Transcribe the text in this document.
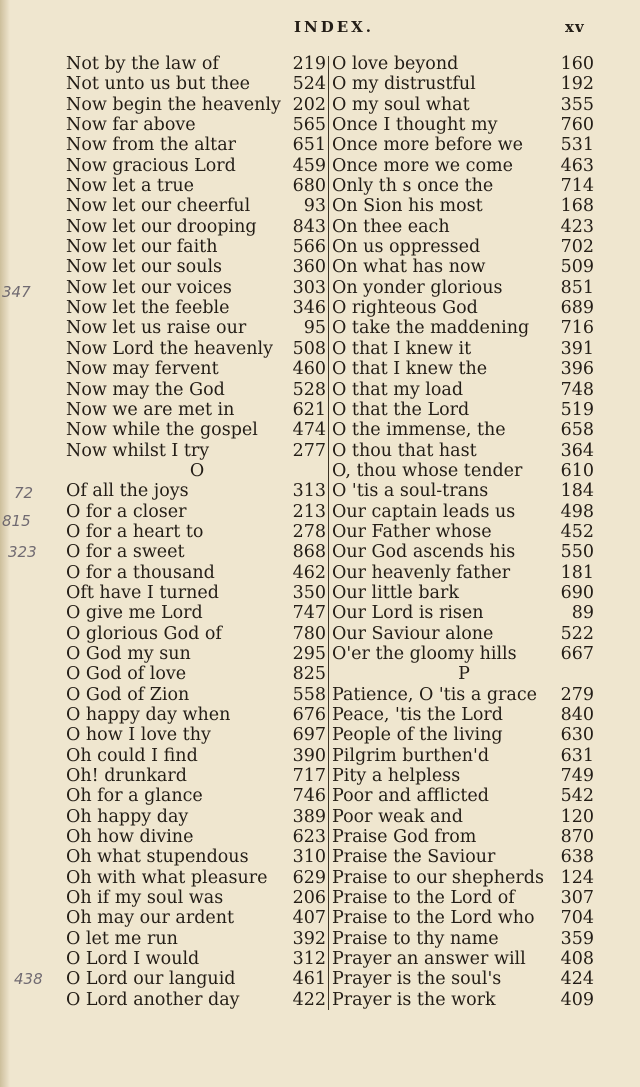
INDEX.	xv
Not by the law of	219
Not unto us but thee 524
Now begin the heavenly 202
Now far above	565
Now from the altar	651
Now gracious Lord	459
Now let a true	680
Now let our cheerful	93
Now let our drooping 843
Now let our faith	566
Now let our souls	360
Now let our voices	303
Now let the feeble	346
Now let us raise our	95
Now Lord the heavenly 508
Now may fervent	460
Now may the God	528
Now we are met in	621
Now while the gospel 474
Now whilst I try	277
O
Of all the joys	313
O for a closer	213
O for a heart to	278
O for a sweet	868
O for a thousand	462
Oft have I turned	350
O give me Lord	747
O glorious God of	780
O God my sun	295
O God of love	825
O God of Zion	558
O happy day when	676
O how I love thy	697
Oh could I find	390
Oh! drunkard	717
Oh for a glance	746
Oh happy day	389
Oh how divine	623
Oh what stupendous	310
Oh with what pleasure 629
Oh if my soul was	206
Oh may our ardent	407
O let me run	392
O Lord I would	312
O Lord our languid	461
O Lord another day	422
O love beyond	160
O my distrustful	192
O my soul what	355
Once I thought my	760
Once more before we 531
Once more we come	463
Only th s once the	714
On Sion his most	168
On thee each	423
On us oppressed	702
On what has now	509
On yonder glorious	851
O righteous God	689
O take the maddening 716
O that I knew it	391
O that I knew the	396
O that my load	748
O that the Lord	519
O the immense, the	658
O thou that hast	364
O, thou whose tender 610
O 'tis a soul-trans	184
Our captain leads us	498
Our Father whose	452
Our God ascends his	550
Our heavenly father	181
Our little bark	690
Our Lord is risen	89
Our Saviour alone	522
O'er the gloomy hills	667
P
Patience, O 'tis a grace 279
Peace, 'tis the Lord	840
People of the living	630
Pilgrim burthen'd	631
Pity a helpless	749
Poor and afflicted	542
Poor weak and	120
Praise God from	870
Praise the Saviour	638
Praise to our shepherds 124
Praise to the Lord of	307
Praise to the Lord who 704
Praise to thy name	359
Prayer an answer will 408
Prayer is the soul's	424
Prayer is the work	409
347
72
815
323
438
